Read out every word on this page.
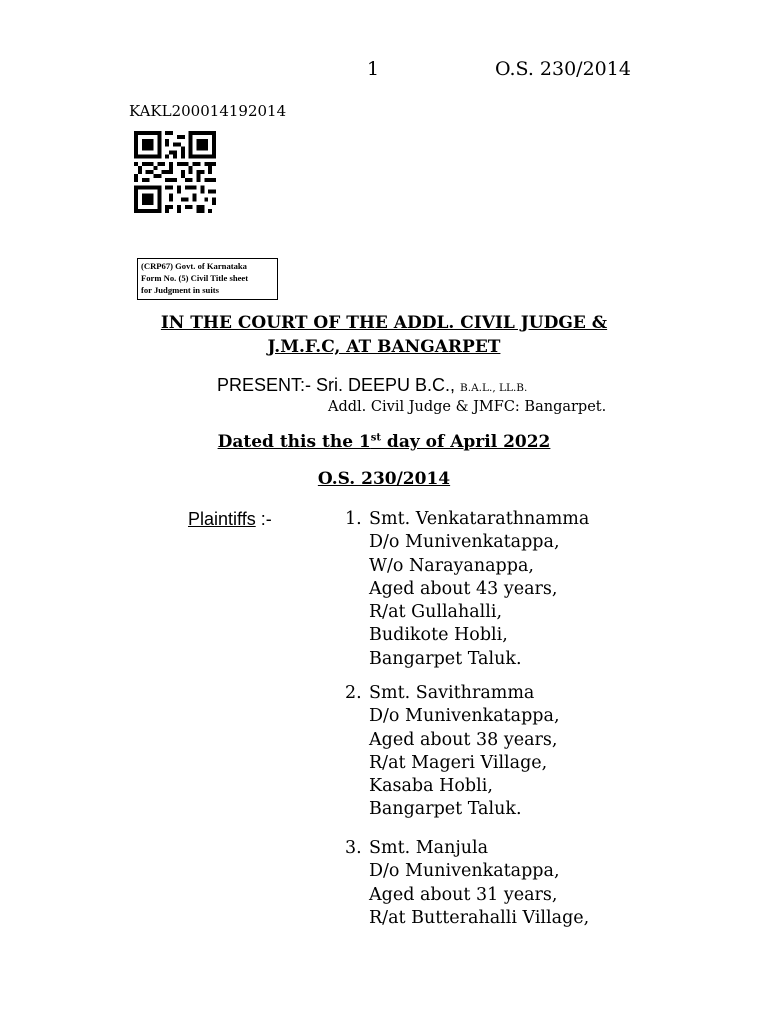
1	O.S. 230/2014
KAKL200014192014
(CRP67) Govt. of Karnataka
Form No. (5) Civil Title sheet
for Judgment in suits
IN THE COURT OF THE ADDL. CIVIL JUDGE &
J.M.F.C, AT BANGARPET
PRESENT:- Sri. DEEPU B.C., B.A.L., LL.B.
Addl. Civil Judge & JMFC: Bangarpet.
Dated this the 1st day of April 2022
O.S. 230/2014
Plaintiffs :-	1. Smt. Venkatarathnamma
D/o Munivenkatappa,
W/o Narayanappa,
Aged about 43 years,
R/at Gullahalli,
Budikote Hobli,
Bangarpet Taluk.
2. Smt. Savithramma
D/o Munivenkatappa,
Aged about 38 years,
R/at Mageri Village,
Kasaba Hobli,
Bangarpet Taluk.
3. Smt. Manjula
D/o Munivenkatappa,
Aged about 31 years,
R/at Butterahalli Village,
